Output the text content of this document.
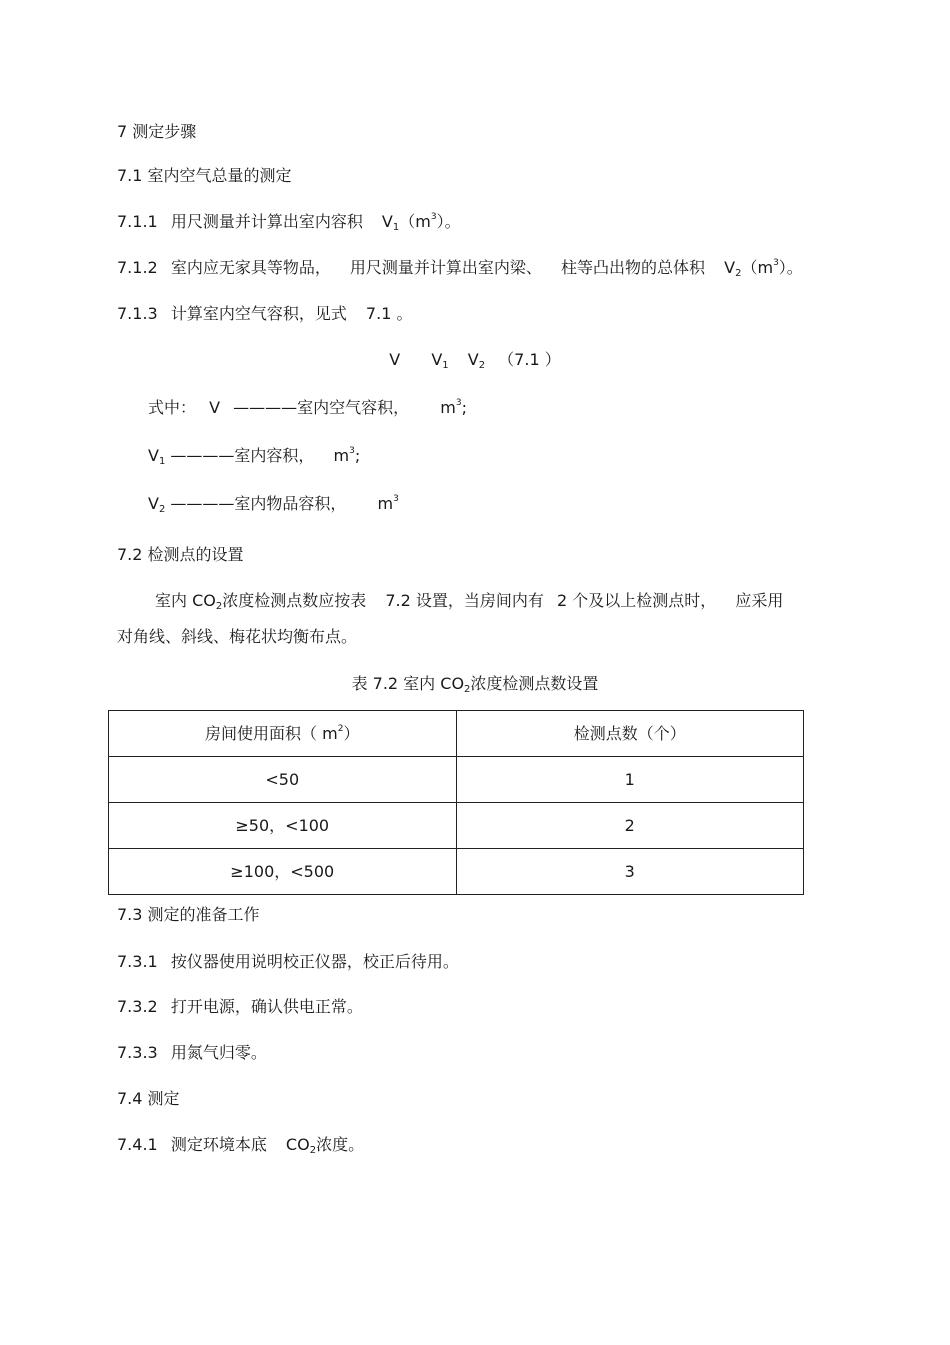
7 测定步骤
7.1 室内空气总量的测定
7.1.1 用尺测量并计算出室内容积 $V_1(m^3)$。
7.1.2 室内应无家具等物品， 用尺测量并计算出室内梁、 柱等凸出物的总体积 $V_2(m^3)$。
7.1.3 计算室内空气容积，见式 7.1 。
V $V_1$ $V_2$ （7.1 ）
式中： V ————室内空气容积， $m^3$;
$V_1$ ————室内容积， $m^3$;
$V_2$ ————室内物品容积， $m^3$
7.2 检测点的设置
室内 $CO_2$浓度检测点数应按表 7.2 设置，当房间内有 2 个及以上检测点时， 应采用
对角线、斜线、梅花状均衡布点。
表 7.2 室内 $CO_2$浓度检测点数设置
房间使用面积（ $m^2$）	检测点数（个）
<50	1
≥50，<100	2
≥100，<500	3
7.3 测定的准备工作
7.3.1 按仪器使用说明校正仪器，校正后待用。
7.3.2 打开电源，确认供电正常。
7.3.3 用氮气归零。
7.4 测定
7.4.1 测定环境本底 $CO_2$浓度。
